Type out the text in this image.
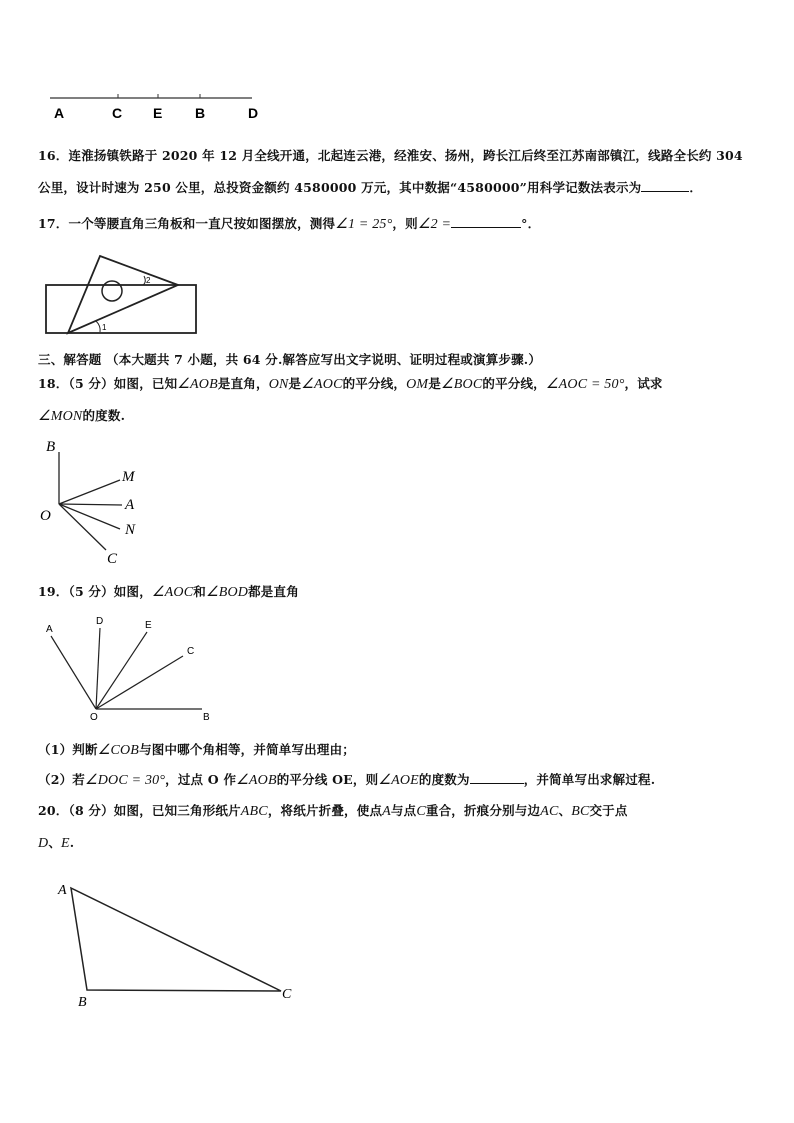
A	C E B	D
16．连淮扬镇铁路于 2020 年 12 月全线开通，北起连云港，经淮安、扬州，跨长江后终至江苏南部镇江，线路全长约 304
公里，设计时速为 250 公里，总投资金额约 4580000 万元，其中数据“4580000”用科学记数法表示为	．
17．一个等腰直角三角板和一直尺按如图摆放，测得∠1 = 25°，则∠2 =	°．
2
1
三、解答题 （本大题共 7 小题，共 64 分.解答应写出文字说明、证明过程或演算步骤.）
18．（5 分）如图，已知∠AOB是直角，ON是∠AOC的平分线，OM是∠BOC的平分线，∠AOC = 50°，试求
∠MON的度数.
B
M
A
O
N
C
19．（5 分）如图，∠AOC和∠BOD都是直角
A
D	E
C
O	B
（1）判断∠COB与图中哪个角相等，并简单写出理由；
（2）若∠DOC = 30°，过点 O 作∠AOB的平分线 OE，则∠AOE的度数为	，并简单写出求解过程.
20．（8 分）如图，已知三角形纸片ABC，将纸片折叠，使点A与点C重合，折痕分别与边AC、BC交于点
D、E.
A
B
C
